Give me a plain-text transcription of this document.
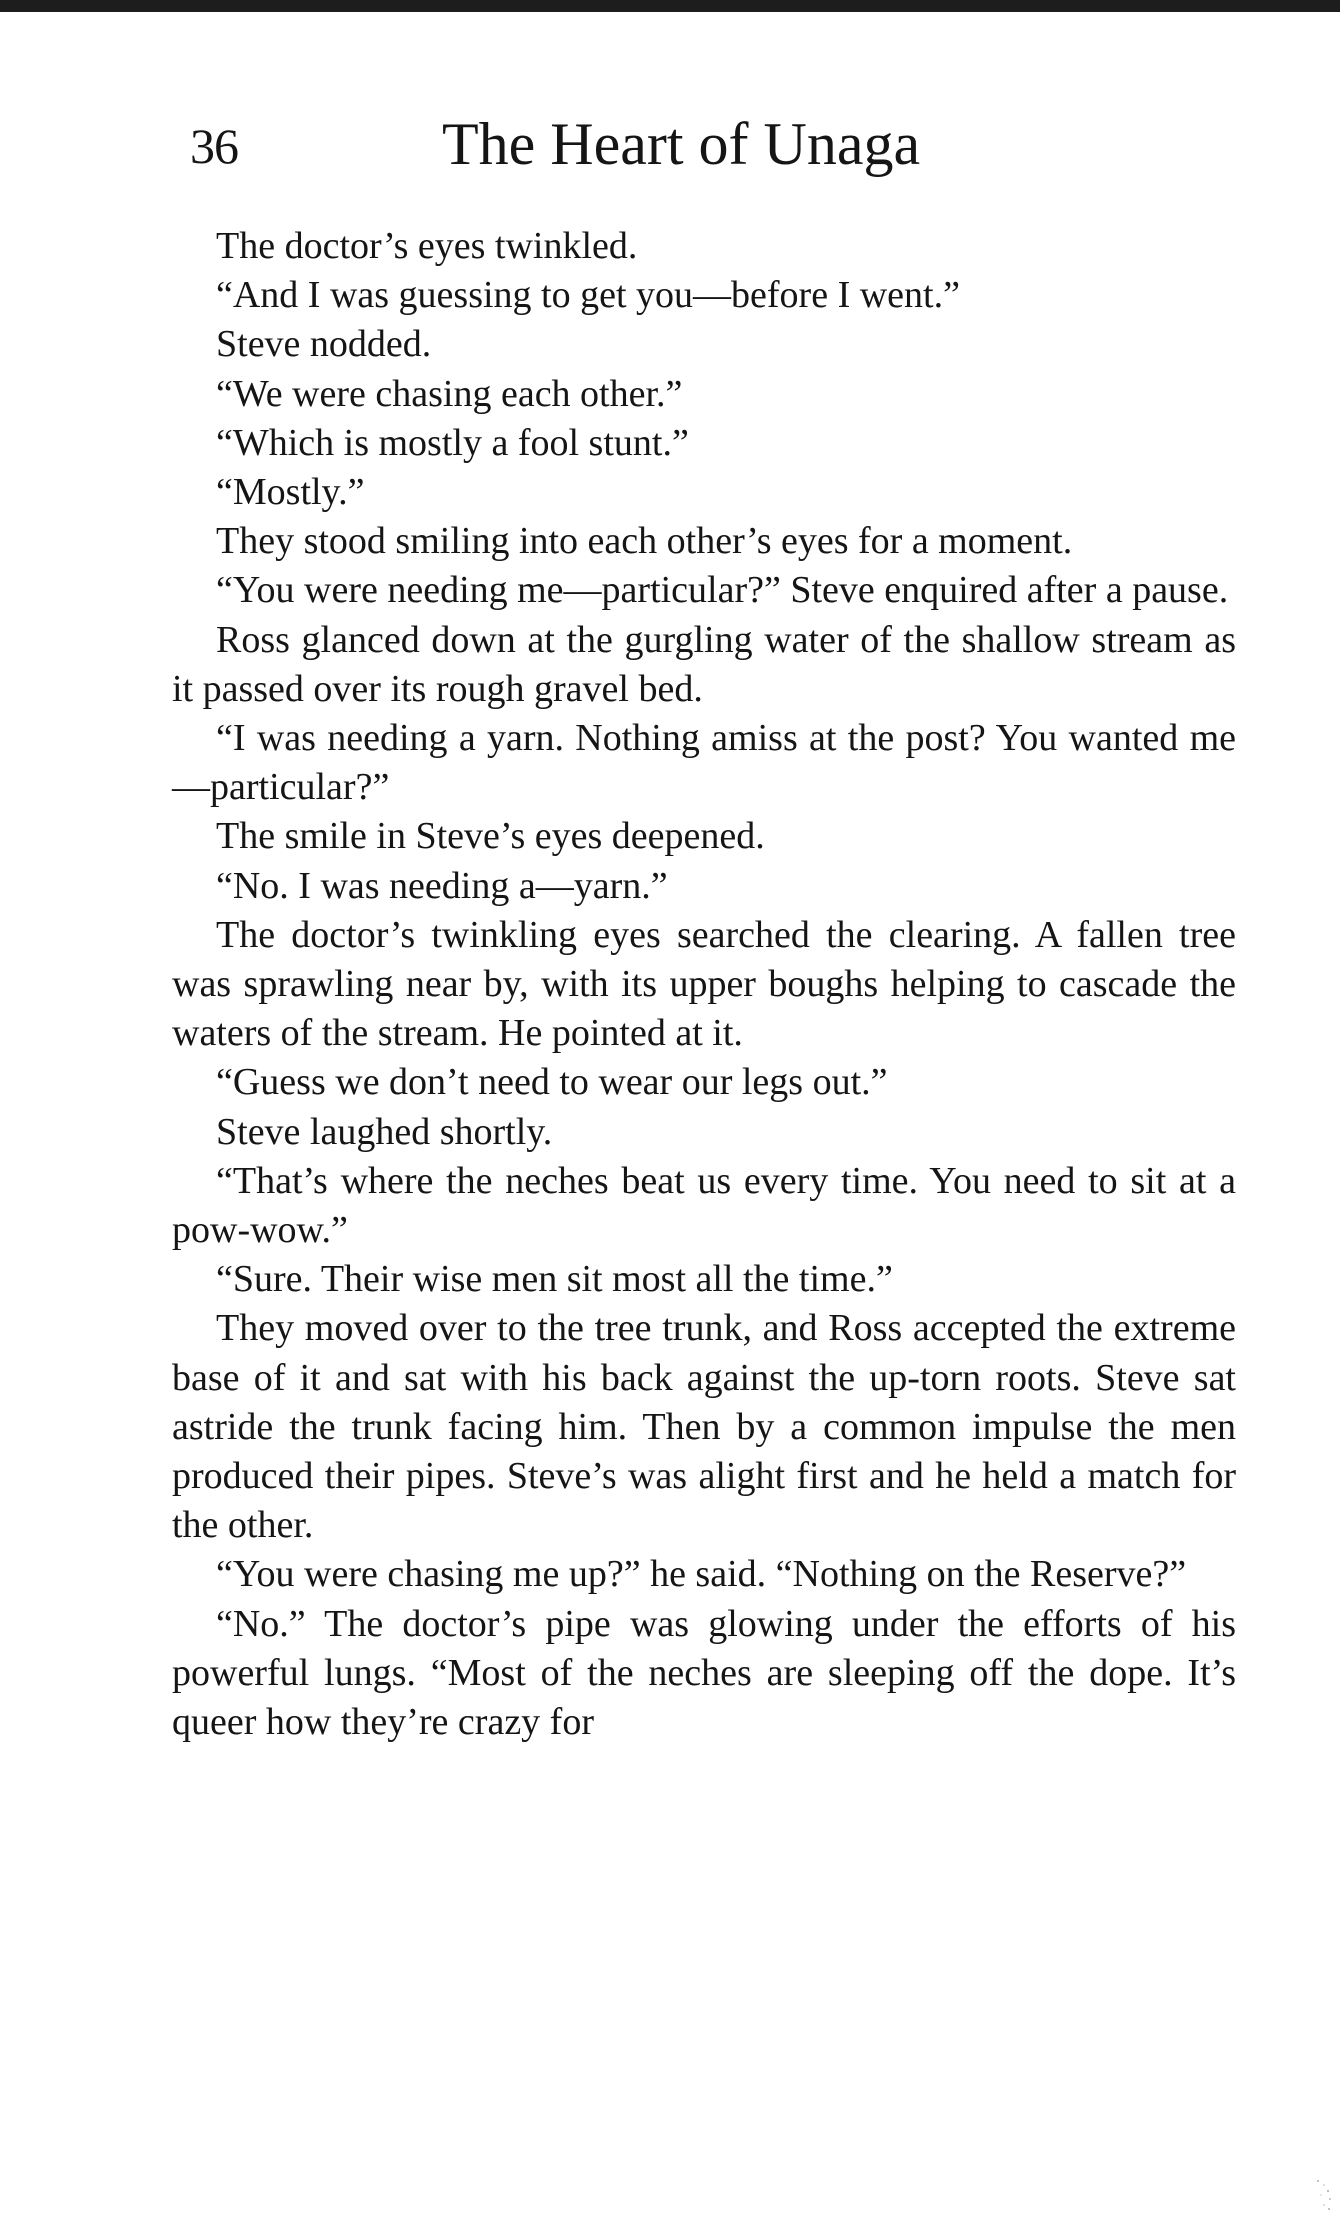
36	The Heart of Unaga

The doctor’s eyes twinkled.

“And I was guessing to get you—before I went.”

Steve nodded.

“We were chasing each other.”

“Which is mostly a fool stunt.”

“Mostly.”

They stood smiling into each other’s eyes for a moment.

“You were needing me—particular?” Steve enquired after a pause.

Ross glanced down at the gurgling water of the shallow stream as it passed over its rough gravel bed.

“I was needing a yarn. Nothing amiss at the post? You wanted me—particular?”

The smile in Steve’s eyes deepened.

“No. I was needing a—yarn.”

The doctor’s twinkling eyes searched the clearing. A fallen tree was sprawling near by, with its upper boughs helping to cascade the waters of the stream. He pointed at it.

“Guess we don’t need to wear our legs out.”

Steve laughed shortly.

“That’s where the neches beat us every time. You need to sit at a pow-wow.”

“Sure. Their wise men sit most all the time.”

They moved over to the tree trunk, and Ross accepted the extreme base of it and sat with his back against the up-torn roots. Steve sat astride the trunk facing him. Then by a common impulse the men produced their pipes. Steve’s was alight first and he held a match for the other.

“You were chasing me up?” he said. “Nothing on the Reserve?”

“No.” The doctor’s pipe was glowing under the efforts of his powerful lungs. “Most of the neches are sleeping off the dope. It’s queer how they’re crazy for
